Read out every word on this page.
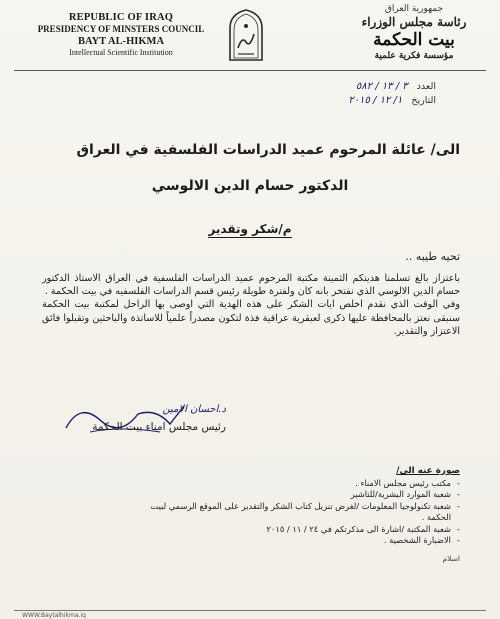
REPUBLIC OF IRAQ
PRESIDENCY OF MINSTERS COUNCIL
BAYT AL-HIKMA
Intellectual Scientific Institution
جمهورية العراق
رئاسة مجلس الوزراء
بيت الحكمة
مؤسسة فكرية علمية
العدد ٣ / ١٣ / ٥٨٢
التاريخ ١/ ١٢ / ٢٠١٥
الى/ عائلة المرحوم عميد الدراسات الفلسفية في العراق
الدكتور حسام الدين الالوسي
م/شكر وتقدير
تحيه طيبه ..

باعتزاز بالغ تسلمنا هديتكم الثمينة مكتبة المرحوم عميد الدراسات الفلسفية في العراق الاستاذ الدكتور حسام الدين الالوسي الذي نفتخر بانه كان ولفترة طويلة رئيس قسم الدراسات الفلسفيه في بيت الحكمة .

وفي الوقت الذي نقدم اخلص ايات الشكر على هذه الهدية التي اوصى بها الراحل لمكتبة بيت الحكمة سنبقى نعتز بالمحافظة عليها ذكرى لعبقرية عراقية فذة لتكون مصدراً علمياً للاساتذة والباحثين وتقبلوا فائق الاعتزاز والتقدير.

د.احسان الامين
رئيس مجلس امناء بيت الحكمة
صورة عنه الى/
- مكتب رئيس مجلس الامناء .
- شعبة الموارد البشرية/للتاشير
- شعبة تكنولوجيا المعلومات /لغرض تنزيل كتاب الشكر والتقدير على الموقع الرسمي لبيت الحكمة .
- شعبة المكتبة /اشارة الى مذكرتكم في ٢٤ / ١١ / ٢٠١٥
- الاضبارة الشخصية .
اسلام
WWW.Baytalhikma.iq
